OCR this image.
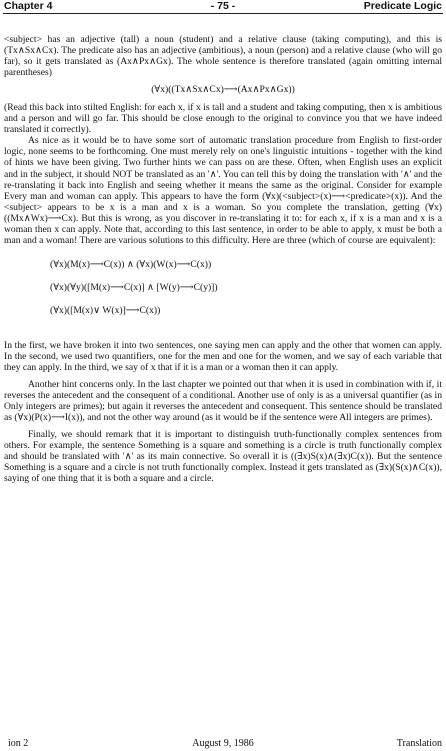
Chapter 4	- 75 -	Predicate Logic

<subject> has an adjective (tall) a noun (student) and a relative clause (taking computing), and this is (Tx∧Sx∧Cx). The predicate also has an adjective (ambitious), a noun (person) and a relative clause (who will go far), so it gets translated as (Ax∧Px∧Gx). The whole sentence is therefore translated (again omitting internal parentheses)

(∀x)((Tx∧Sx∧Cx)⟶(Ax∧Px∧Gx))

(Read this back into stilted English: for each x, if x is tall and a student and taking computing, then x is ambitious and a person and will go far. This should be close enough to the original to convince you that we have indeed translated it correctly).

As nice as it would be to have some sort of automatic translation procedure from English to first-order logic, none seems to be forthcoming. One must merely rely on one's linguistic intuitions - together with the kind of hints we have been giving. Two further hints we can pass on are these. Often, when English uses an explicit and in the subject, it should NOT be translated as an '∧'. You can tell this by doing the translation with '∧' and the re-translating it back into English and seeing whether it means the same as the original. Consider for example Every man and woman can apply. This appears to have the form (∀x)(<subject>(x)⟶<predicate>(x)). And the <subject> appears to be x is a man and x is a woman. So you complete the translation, getting (∀x)((Mx∧Wx)⟶Cx). But this is wrong, as you discover in re-translating it to: for each x, if x is a man and x is a woman then x can apply. Note that, according to this last sentence, in order to be able to apply, x must be both a man and a woman! There are various solutions to this difficulty. Here are three (which of course are equivalent):

(∀x)(M(x)⟶C(x)) ∧ (∀x)(W(x)⟶C(x))
(∀x)(∀y)([M(x)⟶C(x)] ∧ [W(y)⟶C(y)])
(∀x)([M(x)∨ W(x)]⟶C(x))

In the first, we have broken it into two sentences, one saying men can apply and the other that women can apply. In the second, we used two quantifiers, one for the men and one for the women, and we say of each variable that they can apply. In the third, we say of x that if it is a man or a woman then it can apply.

Another hint concerns only. In the last chapter we pointed out that when it is used in combination with if, it reverses the antecedent and the consequent of a conditional. Another use of only is as a universal quantifier (as in Only integers are primes); but again it reverses the antecedent and consequent. This sentence should be translated as (∀x)(P(x)⟶I(x)), and not the other way around (as it would be if the sentence were All integers are primes).

Finally, we should remark that it is important to distinguish truth-functionally complex sentences from others. For example, the sentence Something is a square and something is a circle is truth functionally complex and should be translated with '∧' as its main connective. So overall it is ((∃x)S(x)∧(∃x)C(x)). But the sentence Something is a square and a circle is not truth functionally complex. Instead it gets translated as (∃x)(S(x)∧C(x)), saying of one thing that it is both a square and a circle.

ion 2	August 9, 1986	Translation
